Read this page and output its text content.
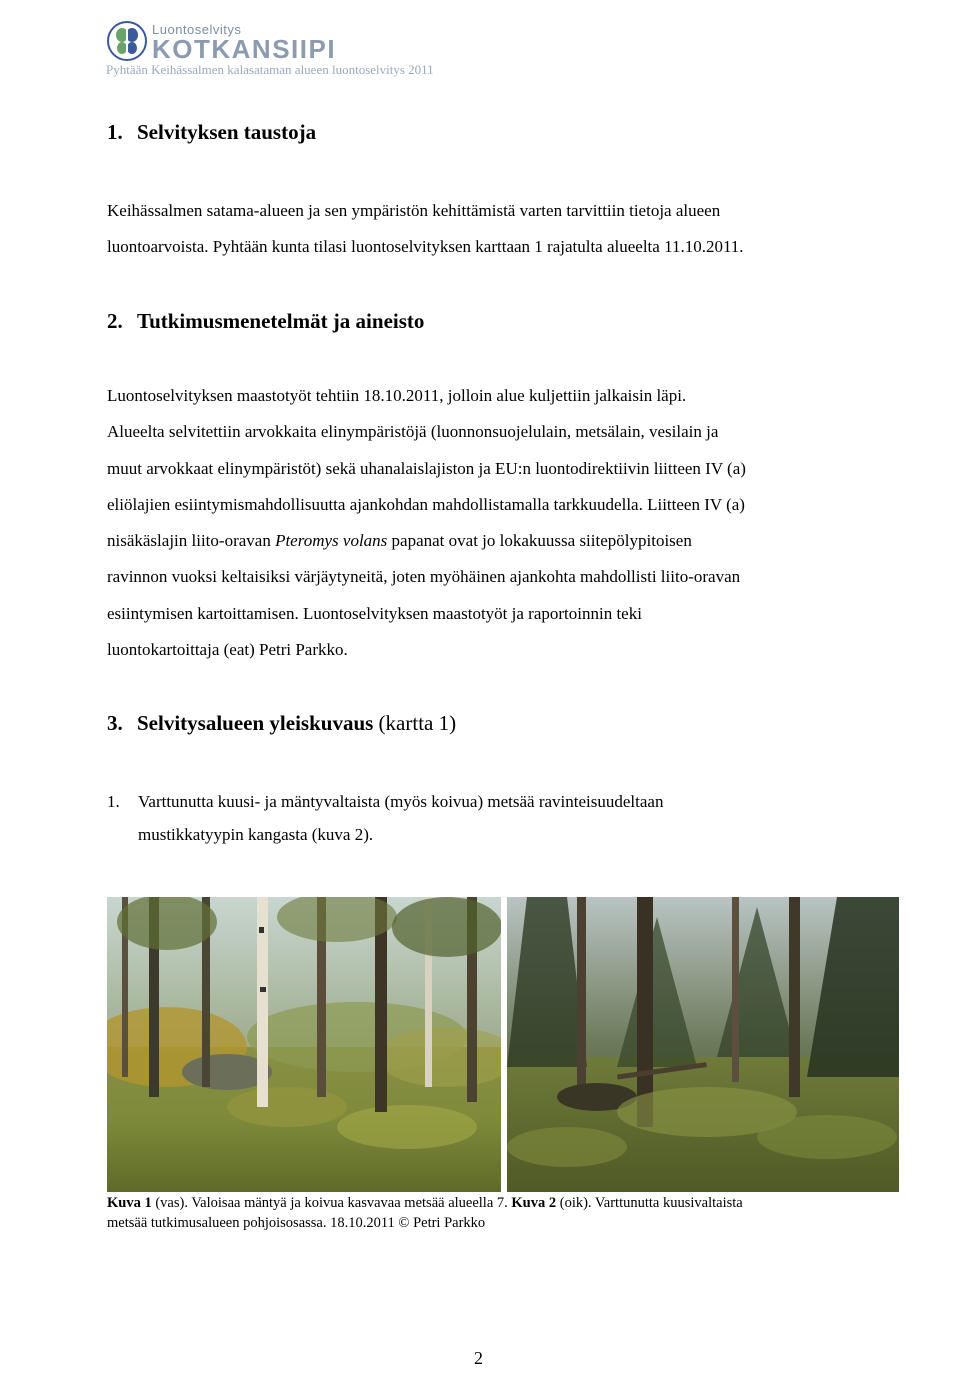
Luontoselvitys
KOTKANSIIPI
Pyhtään Keihässalmen kalasataman alueen luontoselvitys 2011
1. Selvityksen taustoja

Keihässalmen satama-alueen ja sen ympäristön kehittämistä varten tarvittiin tietoja alueen
luontoarvoista. Pyhtään kunta tilasi luontoselvityksen karttaan 1 rajatulta alueelta 11.10.2011.

2. Tutkimusmenetelmät ja aineisto

Luontoselvityksen maastotyöt tehtiin 18.10.2011, jolloin alue kuljettiin jalkaisin läpi.
Alueelta selvitettiin arvokkaita elinympäristöjä (luonnonsuojelulain, metsälain, vesilain ja
muut arvokkaat elinympäristöt) sekä uhanalaislajiston ja EU:n luontodirektiivin liitteen IV (a)
eliölajien esiintymismahdollisuutta ajankohdan mahdollistamalla tarkkuudella. Liitteen IV (a)
nisäkäslajin liito-oravan Pteromys volans papanat ovat jo lokakuussa siitepölypitoisen
ravinnon vuoksi keltaisiksi värjäytyneitä, joten myöhäinen ajankohta mahdollisti liito-oravan
esiintymisen kartoittamisen. Luontoselvityksen maastotyöt ja raportoinnin teki
luontokartoittaja (eat) Petri Parkko.

3. Selvitysalueen yleiskuvaus (kartta 1)
1. Varttunutta kuusi- ja mäntyvaltaista (myös koivua) metsää ravinteisuudeltaan
mustikkatyypin kangasta (kuva 2).
Kuva 1 (vas). Valoisaa mäntyä ja koivua kasvavaa metsää alueella 7. Kuva 2 (oik). Varttunutta kuusivaltaista
metsää tutkimusalueen pohjoisosassa. 18.10.2011 © Petri Parkko
2
